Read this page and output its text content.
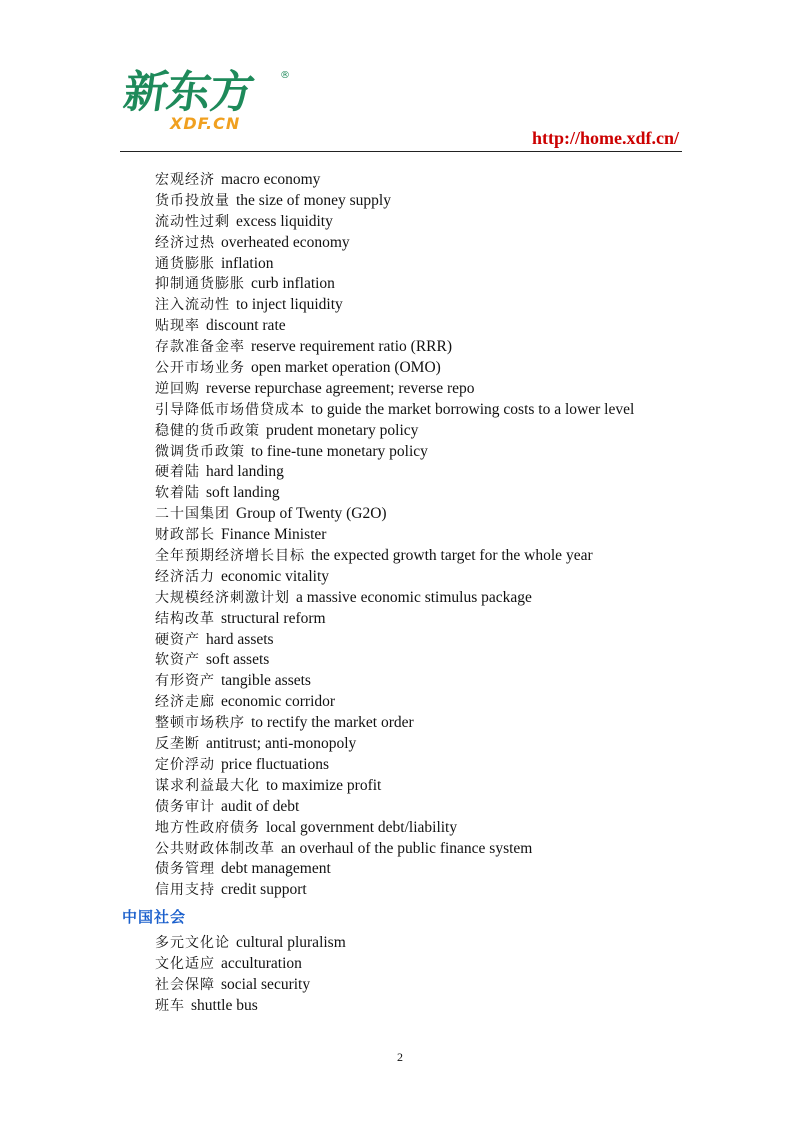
新东方 ®
XDF.CN
http://home.xdf.cn/
宏观经济 macro economy
货币投放量 the size of money supply
流动性过剩 excess liquidity
经济过热 overheated economy
通货膨胀 inflation
抑制通货膨胀 curb inflation
注入流动性 to inject liquidity
贴现率 discount rate
存款准备金率 reserve requirement ratio (RRR)
公开市场业务 open market operation (OMO)
逆回购 reverse repurchase agreement; reverse repo
引导降低市场借贷成本 to guide the market borrowing costs to a lower level
稳健的货币政策 prudent monetary policy
微调货币政策 to fine-tune monetary policy
硬着陆 hard landing
软着陆 soft landing
二十国集团 Group of Twenty (G2O)
财政部长 Finance Minister
全年预期经济增长目标 the expected growth target for the whole year
经济活力 economic vitality
大规模经济刺激计划 a massive economic stimulus package
结构改革 structural reform
硬资产 hard assets
软资产 soft assets
有形资产 tangible assets
经济走廊 economic corridor
整顿市场秩序 to rectify the market order
反垄断 antitrust; anti-monopoly
定价浮动 price fluctuations
谋求利益最大化 to maximize profit
债务审计 audit of debt
地方性政府债务 local government debt/liability
公共财政体制改革 an overhaul of the public finance system
债务管理 debt management
信用支持 credit support
中国社会
多元文化论 cultural pluralism
文化适应 acculturation
社会保障 social security
班车 shuttle bus
2
